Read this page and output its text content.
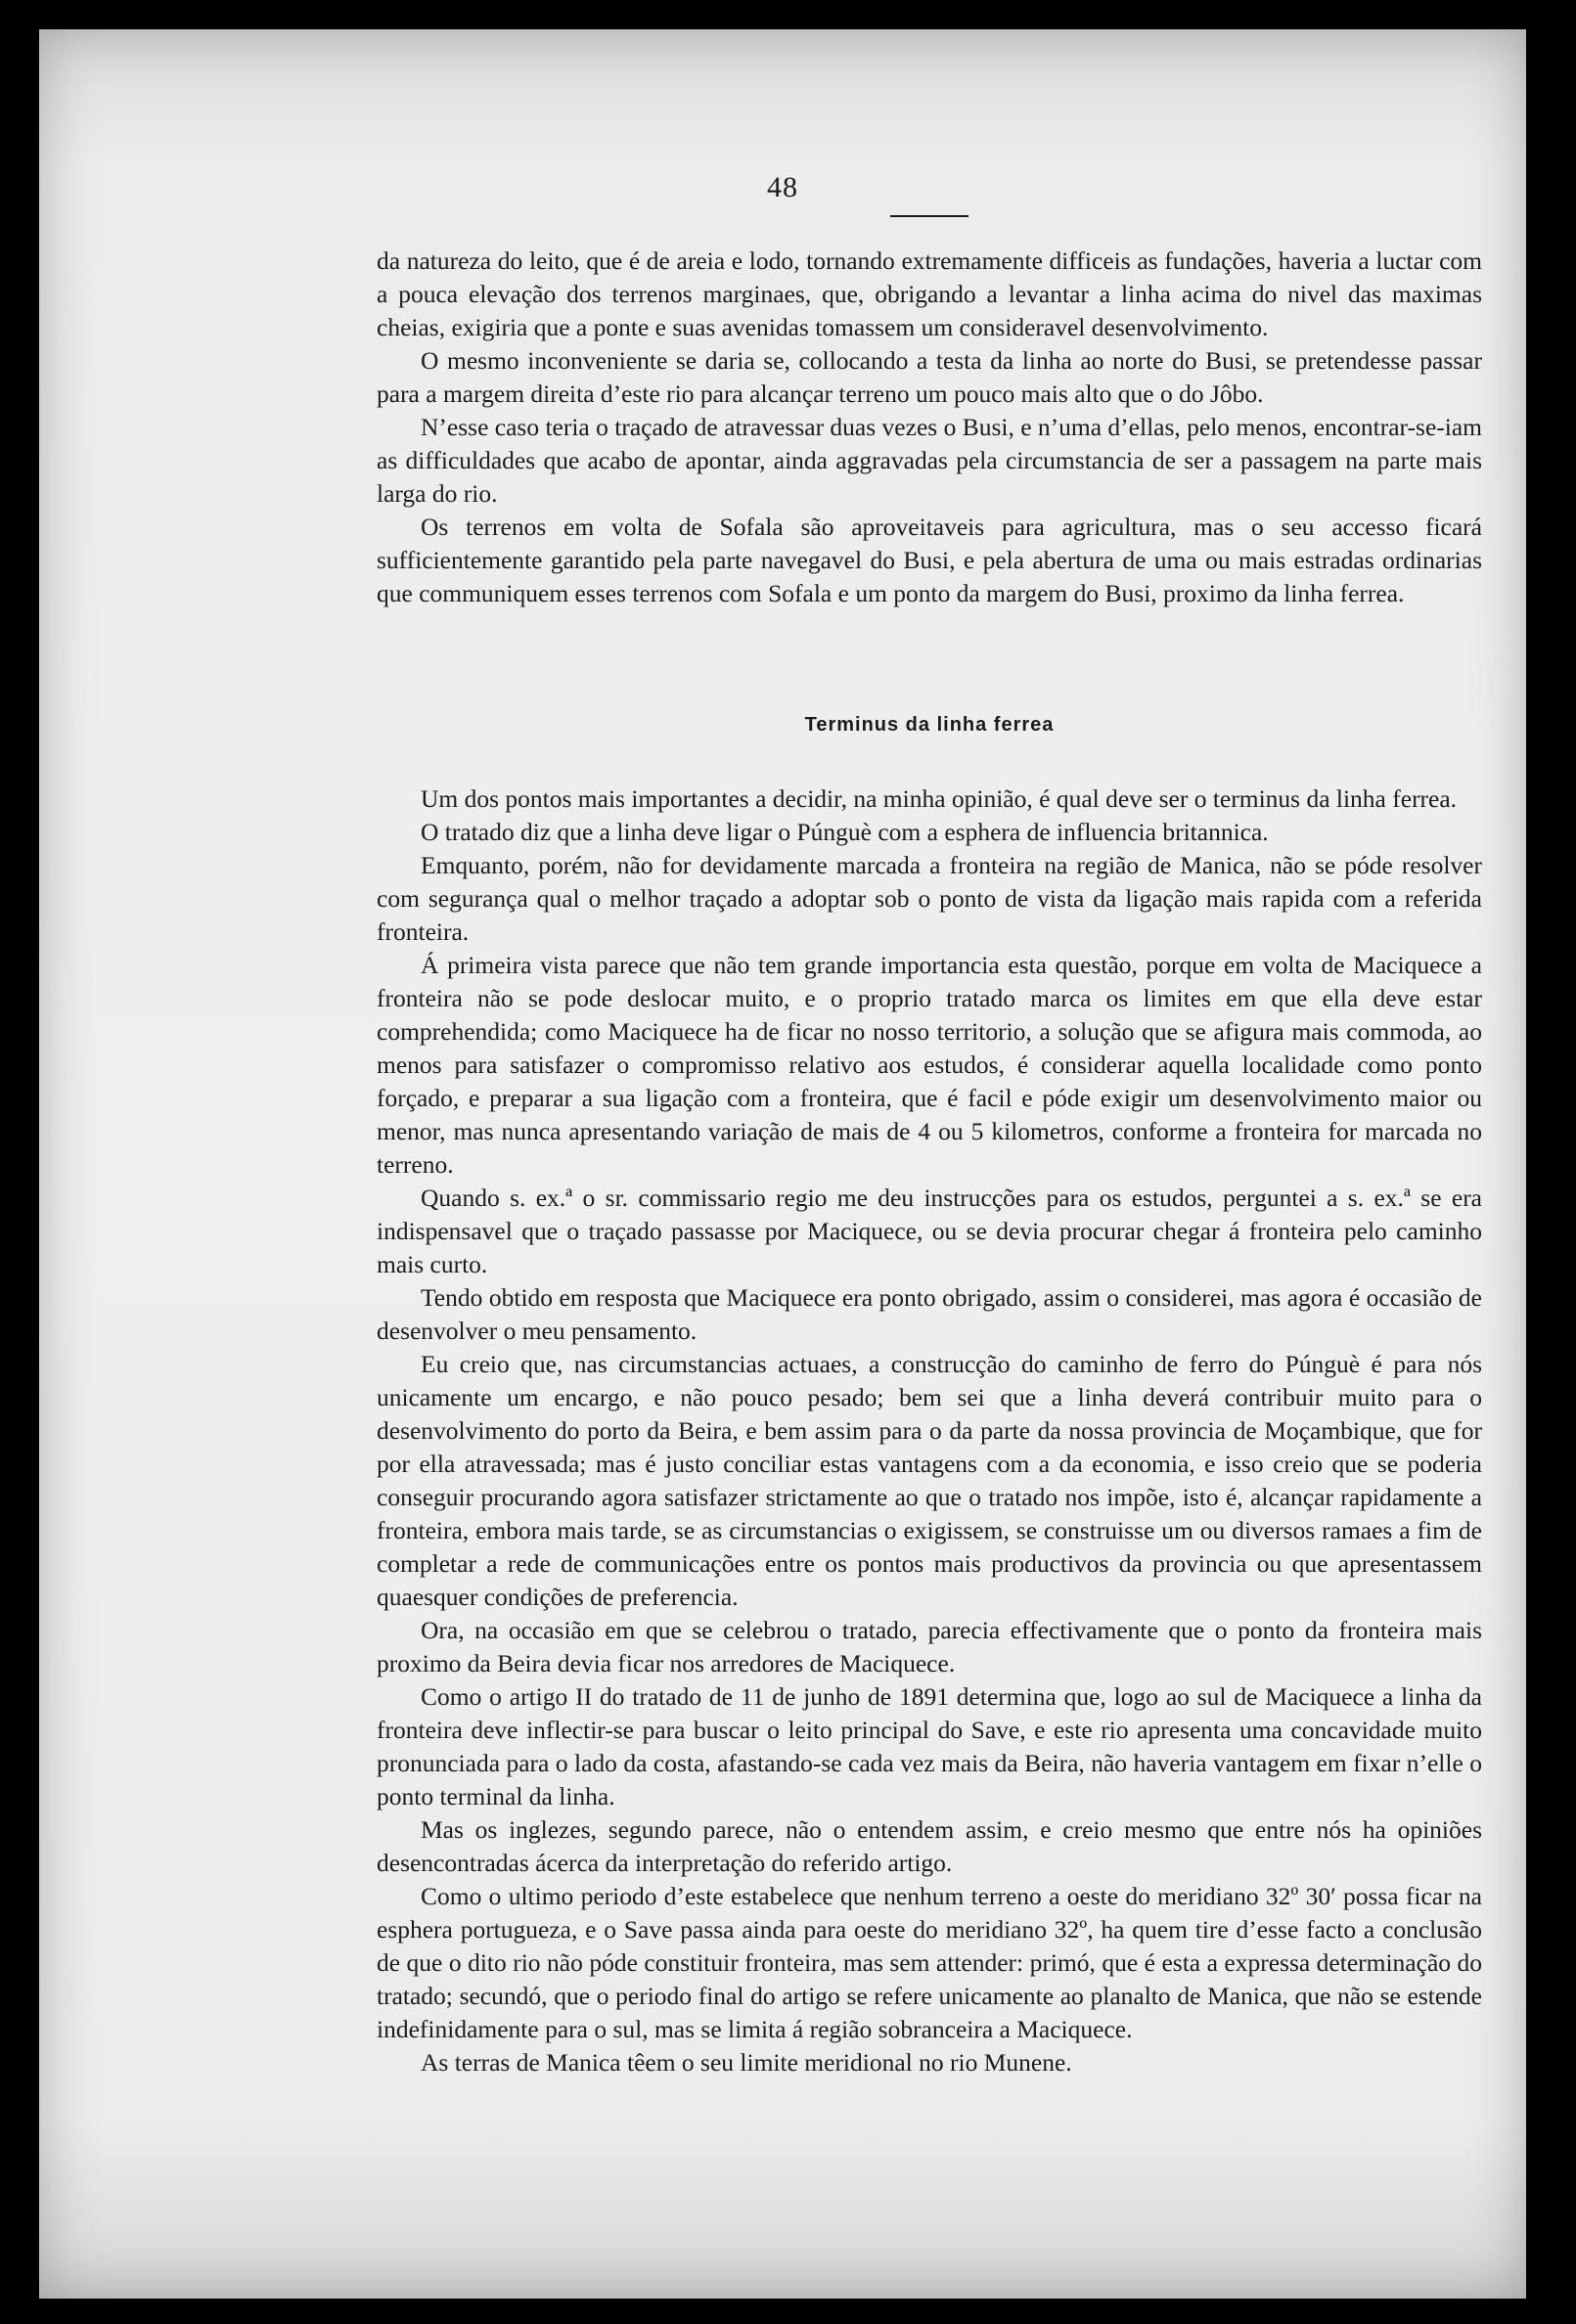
48

da natureza do leito, que é de areia e lodo, tornando extremamente difficeis as fundações, haveria a luctar com a pouca elevação dos terrenos marginaes, que, obrigando a levantar a linha acima do nivel das maximas cheias, exigiria que a ponte e suas avenidas tomassem um consideravel desenvolvimento.

O mesmo inconveniente se daria se, collocando a testa da linha ao norte do Busi, se pretendesse passar para a margem direita d’este rio para alcançar terreno um pouco mais alto que o do Jôbo.

N’esse caso teria o traçado de atravessar duas vezes o Busi, e n’uma d’ellas, pelo menos, encontrar-se-iam as difficuldades que acabo de apontar, ainda aggravadas pela circumstancia de ser a passagem na parte mais larga do rio.

Os terrenos em volta de Sofala são aproveitaveis para agricultura, mas o seu accesso ficará sufficientemente garantido pela parte navegavel do Busi, e pela abertura de uma ou mais estradas ordinarias que communiquem esses terrenos com Sofala e um ponto da margem do Busi, proximo da linha ferrea.

Terminus da linha ferrea

Um dos pontos mais importantes a decidir, na minha opinião, é qual deve ser o terminus da linha ferrea.

O tratado diz que a linha deve ligar o Púnguè com a esphera de influencia britannica.

Emquanto, porém, não for devidamente marcada a fronteira na região de Manica, não se póde resolver com segurança qual o melhor traçado a adoptar sob o ponto de vista da ligação mais rapida com a referida fronteira.

Á primeira vista parece que não tem grande importancia esta questão, porque em volta de Maciquece a fronteira não se pode deslocar muito, e o proprio tratado marca os limites em que ella deve estar comprehendida; como Maciquece ha de ficar no nosso territorio, a solução que se afigura mais commoda, ao menos para satisfazer o compromisso relativo aos estudos, é considerar aquella localidade como ponto forçado, e preparar a sua ligação com a fronteira, que é facil e póde exigir um desenvolvimento maior ou menor, mas nunca apresentando variação de mais de 4 ou 5 kilometros, conforme a fronteira for marcada no terreno.

Quando s. ex.ª o sr. commissario regio me deu instrucções para os estudos, perguntei a s. ex.ª se era indispensavel que o traçado passasse por Maciquece, ou se devia procurar chegar á fronteira pelo caminho mais curto.

Tendo obtido em resposta que Maciquece era ponto obrigado, assim o considerei, mas agora é occasião de desenvolver o meu pensamento.

Eu creio que, nas circumstancias actuaes, a construcção do caminho de ferro do Púnguè é para nós unicamente um encargo, e não pouco pesado; bem sei que a linha deverá contribuir muito para o desenvolvimento do porto da Beira, e bem assim para o da parte da nossa provincia de Moçambique, que for por ella atravessada; mas é justo conciliar estas vantagens com a da economia, e isso creio que se poderia conseguir procurando agora satisfazer strictamente ao que o tratado nos impõe, isto é, alcançar rapidamente a fronteira, embora mais tarde, se as circumstancias o exigissem, se construisse um ou diversos ramaes a fim de completar a rede de communicações entre os pontos mais productivos da provincia ou que apresentassem quaesquer condições de preferencia.

Ora, na occasião em que se celebrou o tratado, parecia effectivamente que o ponto da fronteira mais proximo da Beira devia ficar nos arredores de Maciquece.

Como o artigo II do tratado de 11 de junho de 1891 determina que, logo ao sul de Maciquece a linha da fronteira deve inflectir-se para buscar o leito principal do Save, e este rio apresenta uma concavidade muito pronunciada para o lado da costa, afastando-se cada vez mais da Beira, não haveria vantagem em fixar n’elle o ponto terminal da linha.

Mas os inglezes, segundo parece, não o entendem assim, e creio mesmo que entre nós ha opiniões desencontradas ácerca da interpretação do referido artigo.

Como o ultimo periodo d’este estabelece que nenhum terreno a oeste do meridiano 32º 30′ possa ficar na esphera portugueza, e o Save passa ainda para oeste do meridiano 32º, ha quem tire d’esse facto a conclusão de que o dito rio não póde constituir fronteira, mas sem attender: primó, que é esta a expressa determinação do tratado; secundó, que o periodo final do artigo se refere unicamente ao planalto de Manica, que não se estende indefinidamente para o sul, mas se limita á região sobranceira a Maciquece.

As terras de Manica têem o seu limite meridional no rio Munene.
